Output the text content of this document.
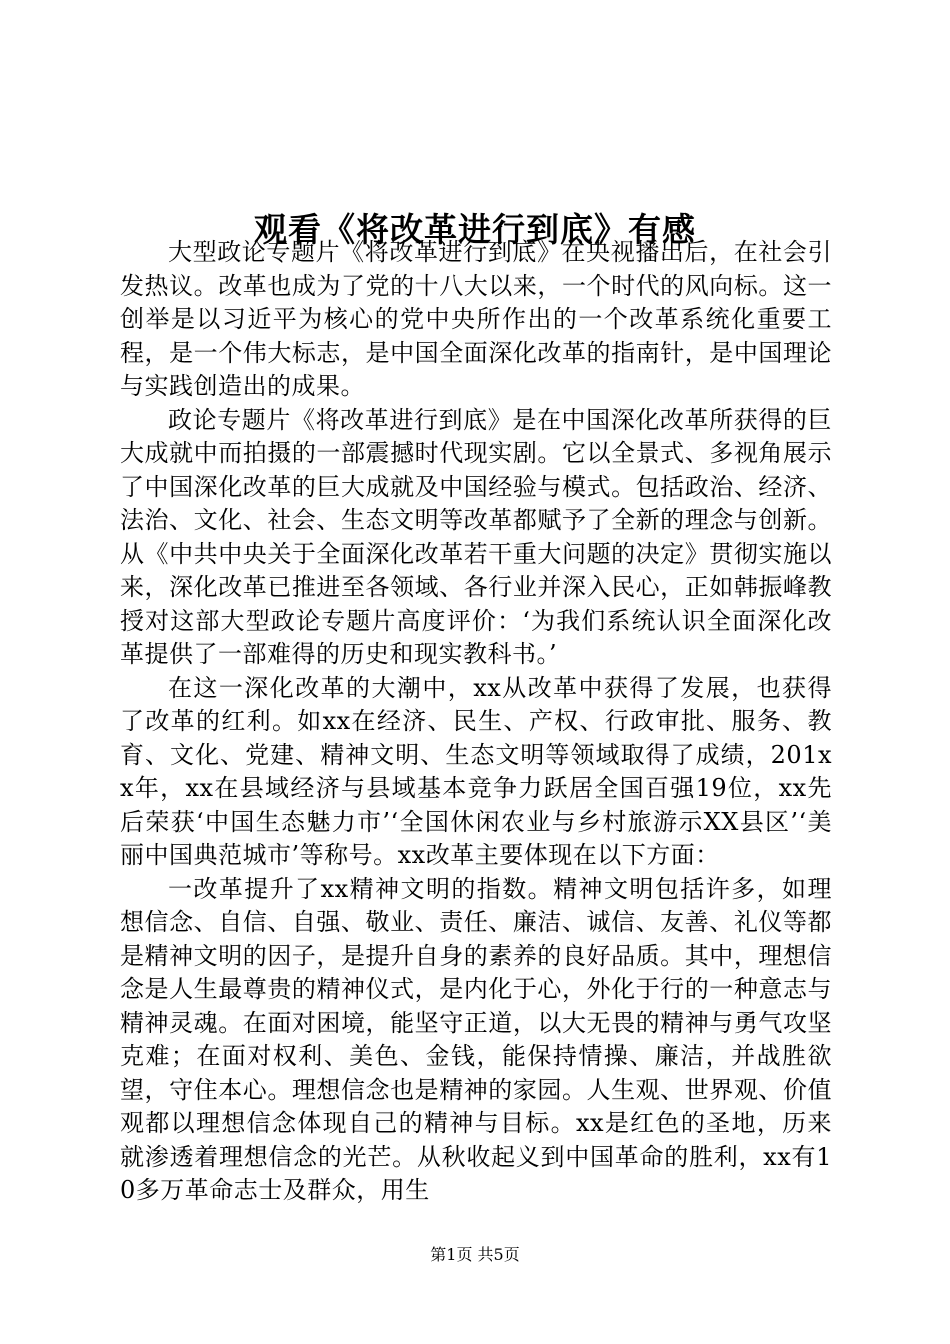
观看《将改革进行到底》有感

大型政论专题片《将改革进行到底》在央视播出后，在社会引发热议。改革也成为了党的十八大以来，一个时代的风向标。这一创举是以习近平为核心的党中央所作出的一个改革系统化重要工程，是一个伟大标志，是中国全面深化改革的指南针，是中国理论与实践创造出的成果。

政论专题片《将改革进行到底》是在中国深化改革所获得的巨大成就中而拍摄的一部震撼时代现实剧。它以全景式、多视角展示了中国深化改革的巨大成就及中国经验与模式。包括政治、经济、法治、文化、社会、生态文明等改革都赋予了全新的理念与创新。从《中共中央关于全面深化改革若干重大问题的决定》贯彻实施以来，深化改革已推进至各领域、各行业并深入民心，正如韩振峰教授对这部大型政论专题片高度评价：‘为我们系统认识全面深化改革提供了一部难得的历史和现实教科书。’

在这一深化改革的大潮中，xx从改革中获得了发展，也获得了改革的红利。如xx在经济、民生、产权、行政审批、服务、教育、文化、党建、精神文明、生态文明等领域取得了成绩，201xx年，xx在县域经济与县域基本竞争力跃居全国百强19位，xx先后荣获‘中国生态魅力市’‘全国休闲农业与乡村旅游示XX县区’‘美丽中国典范城市’等称号。xx改革主要体现在以下方面：

一改革提升了xx精神文明的指数。精神文明包括许多，如理想信念、自信、自强、敬业、责任、廉洁、诚信、友善、礼仪等都是精神文明的因子，是提升自身的素养的良好品质。其中，理想信念是人生最尊贵的精神仪式，是内化于心，外化于行的一种意志与精神灵魂。在面对困境，能坚守正道，以大无畏的精神与勇气攻坚克难；在面对权利、美色、金钱，能保持情操、廉洁，并战胜欲望，守住本心。理想信念也是精神的家园。人生观、世界观、价值观都以理想信念体现自己的精神与目标。xx是红色的圣地，历来就渗透着理想信念的光芒。从秋收起义到中国革命的胜利，xx有10多万革命志士及群众，用生

第1页 共5页
